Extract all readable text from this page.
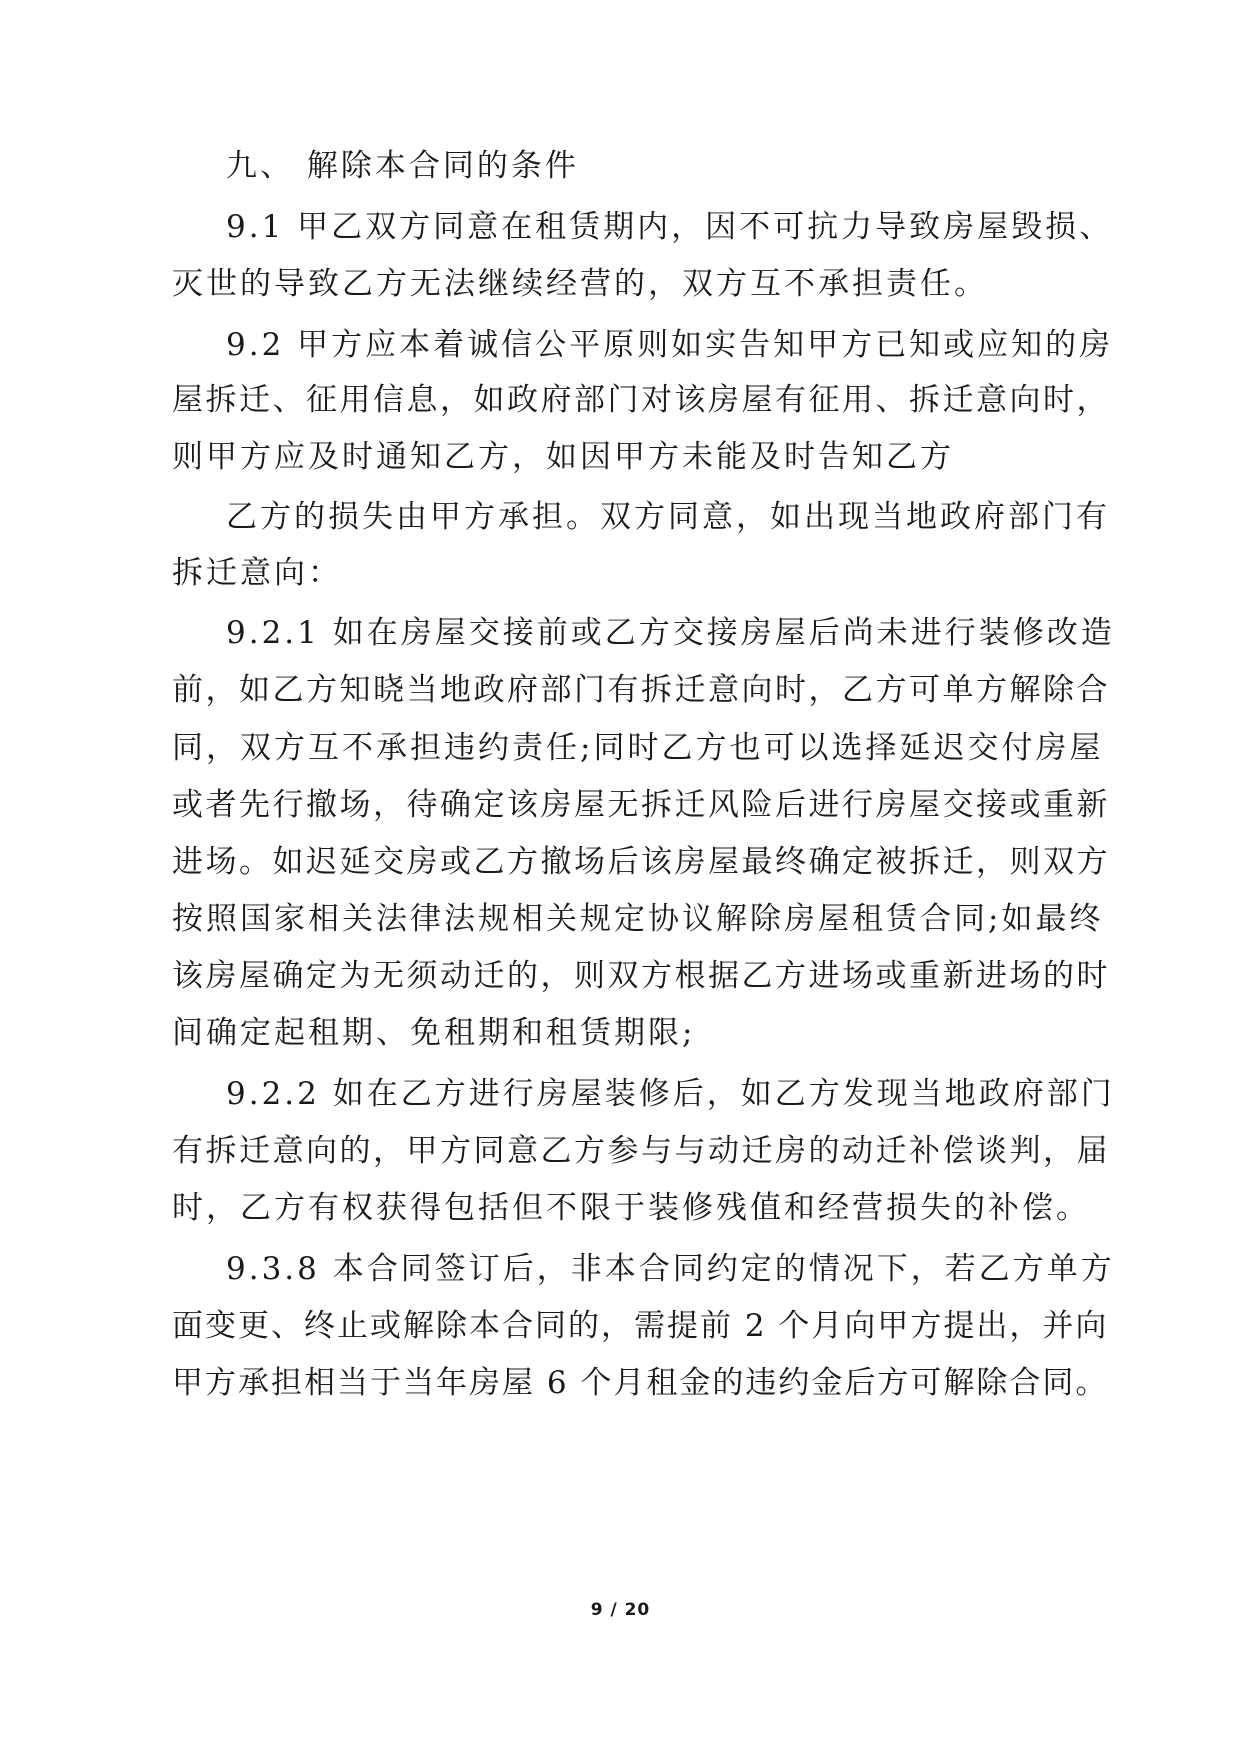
九、 解除本合同的条件
9.1 甲乙双方同意在租赁期内，因不可抗力导致房屋毁损、
灭世的导致乙方无法继续经营的，双方互不承担责任。
9.2 甲方应本着诚信公平原则如实告知甲方已知或应知的房
屋拆迁、征用信息，如政府部门对该房屋有征用、拆迁意向时，
则甲方应及时通知乙方，如因甲方未能及时告知乙方
乙方的损失由甲方承担。双方同意，如出现当地政府部门有
拆迁意向：
9.2.1 如在房屋交接前或乙方交接房屋后尚未进行装修改造
前，如乙方知晓当地政府部门有拆迁意向时，乙方可单方解除合
同，双方互不承担违约责任;同时乙方也可以选择延迟交付房屋
或者先行撤场，待确定该房屋无拆迁风险后进行房屋交接或重新
进场。如迟延交房或乙方撤场后该房屋最终确定被拆迁，则双方
按照国家相关法律法规相关规定协议解除房屋租赁合同;如最终
该房屋确定为无须动迁的，则双方根据乙方进场或重新进场的时
间确定起租期、免租期和租赁期限;
9.2.2 如在乙方进行房屋装修后，如乙方发现当地政府部门
有拆迁意向的，甲方同意乙方参与与动迁房的动迁补偿谈判，届
时，乙方有权获得包括但不限于装修残值和经营损失的补偿。
9.3.8 本合同签订后，非本合同约定的情况下，若乙方单方
面变更、终止或解除本合同的，需提前 2 个月向甲方提出，并向
甲方承担相当于当年房屋 6 个月租金的违约金后方可解除合同。
9 / 20
